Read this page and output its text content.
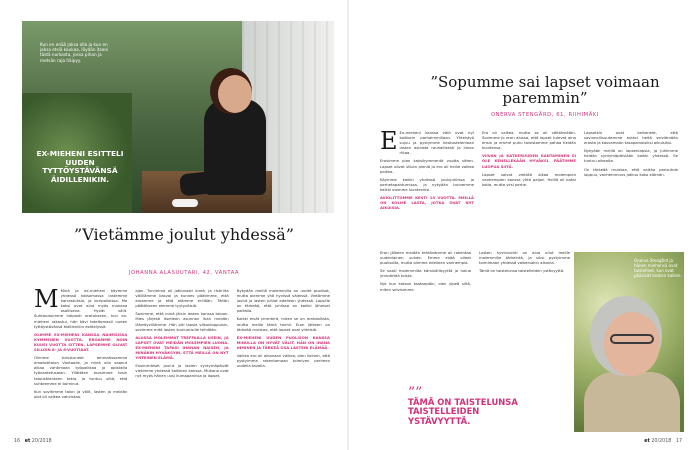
Kun en enää jaksa olla ja kun en jaksa etsiä kaukaa, löydän itseni tästä nurkasta, jossa pihan ja metsän raja häipyy.
EX-MIEHENI ESITTELI UUDEN TYTTÖYSTÄVÄNSÄ ÄIDILLENIKIN.
”Vietämme joulut yhdessä”
JOHANNA ALASUUTARI, 42, VANTAA

M Minä ja ex-mieheni käymme yhdessä katsomassa lastemme harrastuksia, ja koripalloissa. Me kaksi ovat aina myös mukana osallisena. Hyvät välit. Suhtauduimme helposti erotukseen, kun ex-mieheni rakastui, hän kävi toteltomasti uuden tyttöystävänsä äidillenikin esittelyssä.

OLIMME EX-MIEHENI KANSSA NAIMISISSA KYMMENEN VUOTTA. EROAMME NOIN KUUSI VUOTTA SITTEN. LAPSEMME OLIVAT SILLOIN 8- JA 6-VUOTIAAT.

Olimme tutustuneet ammatissamme omakotitalon Vantaalle, ja minä olin saanut alkaa vahtimaan työpaikkaa ja opiskella työvaatetusalan. Yllättäen erosimme tosin taloustilanteen takia, ja tuntuu siltä, että suhteemme ei toiminut.

Kun sovitimme talon ja välit, lasten ja meidän olot oli vaikea vahvistaa.

ajan. Tunnelma oli jatkuvasti kireä, ja ristiriita välillämme kasvoi ja kunnes päätimme, että eroamme ja että elämme erillään. Tähän päätökseen olemme tyytyväisiä.

Sovimme, että minä jäisin lasten kanssa taloon. Mies järjesti itselleen asunnon ihan meidän lähettyvillämme. Hän piti lapsia viikonloppuisin, sovimme mitä lasten kuulumisille tehdään.

ALUSSA MOLEMMAT TREFFAILLA USEIN, JA LAPSET OVAT MEIDÄN MOLEMPIEN LUONA. EX-MIEHENI TAPASI IHANAN NAISEN, JA MINÄKIN HYVÄKSYIN, ETTÄ MEILLÄ ON NYT YHTEINEN ELÄMÄ.

Ensimmäiset joulut ja lasten syntymäpäivät vietimme yhdessä kaikkien kanssa. Mukana ovat nyt myös hänen uusi kumppaninsa ja lapset.

Nykyään meillä molemmilla on uudet puolisot, mutta olemme yhä hyvissä väleissä. Vietämme joulut ja lasten juhlat edelleen yhdessä. Lapsille on tärkeää, että juhlissa on kaikki läheiset paikalla.

Kaikki eivät ymmärrä, miten se on mahdollista, mutta meille tämä toimii. Eron jälkeen on tärkeää muistaa, että lapset ovat yhteisiä.

EX-MIEHENI UUDEN PUOLISON KANSSA MINULLA ON HYVÄT VÄLIT. HÄN ON IHANA IHMINEN JA TÄRKEÄ OSA LASTENI ELÄMÄÄ.

Vaikka ero oli aikanaan vaikea, olen iloinen, että pystyimme rakentamaan toimivan perheen uudella tavalla.

16 et 20/2018
”Sopumme sai lapset voimaan paremmin”
ONERVA STENGÅRD, 61, RIIHIMÄKI

E Ex-mieheni kanssa välit ovat nyt kaikkein parhaimmillaan. Yhteistyö sujuu ja pystymme keskustelemaan lasten asioista rauhallisesti ja ilman riitaa.

Erosimme pian kaksikymmentä vuotta sitten. Lapset olivat silloin pieniä ja ero oli heille vaikea paikka.

Käymme kaikki yhdessä joulujuhlissa ja perhetapahtumissa, ja nykyään tunnemme kaikki olomme luonteviksi.

AVIOLITTOMME KESTI 15 VUOTTA. MEILLÄ ON KOLME LASTA, JOTKA OVAT NYT AIKUISIA.

Ero oli vaikea, mutta se oli välttämätön. Sovimme jo eron alussa, että lapset tulevat aina ensin ja emme puhu toisistamme pahaa heidän kuultensa.

VIIVAN JA KATKERUUDEN KANTAMINEN EI OLE KENELLEKÄÄN HYVÄKSI. PÄÄTIMME LUOPUA SIITÄ.

Lapset saivat viettää aikaa molempien vanhempien kanssa yhtä paljon. Heillä oli kaksi kotia, mutta yksi perhe.

Lapsetkin ovat kertoneet, että sovinnollisuutemme auttoi heitä selviämään erosta ja kasvamaan tasapainoisiksi aikuisiksi.

Nykyään meillä on lapsenlapsia, ja juhlimme heidän syntymäpäiviään kaikki yhdessä. Se tuntuu oikealta.

On tärkeää muistaa, että vaikka parisuhde loppuu, vanhemmuus jatkuu koko elämän.

Eron jälkeen meidän tehtävämme oli rakentaa uudenlainen suhde. Emme enää olleet puolisoita, mutta olimme edelleen vanhempia.

Se vaati molemmilta kärsivällisyyttä ja halua ymmärtää toista.

Nyt kun katson taaksepäin, olen ylpeä siitä, miten selvisimme.

Lasten hyvinvointi on aina ollut meille molemmille tärkeintä, ja siksi pystyimme toimimaan yhdessä vaikeinakin aikoina.

Tämä on taistelunsa taistelleiden ystävyyttä.

Onerva Stengård ja hänen miehensä ovat taistelleet, kun ovat pääsivät kesken kaiken.
””
TÄMÄ ON TAISTELUNSA TAISTELLEIDEN YSTÄVYYTTÄ.
et 20/2018 17
